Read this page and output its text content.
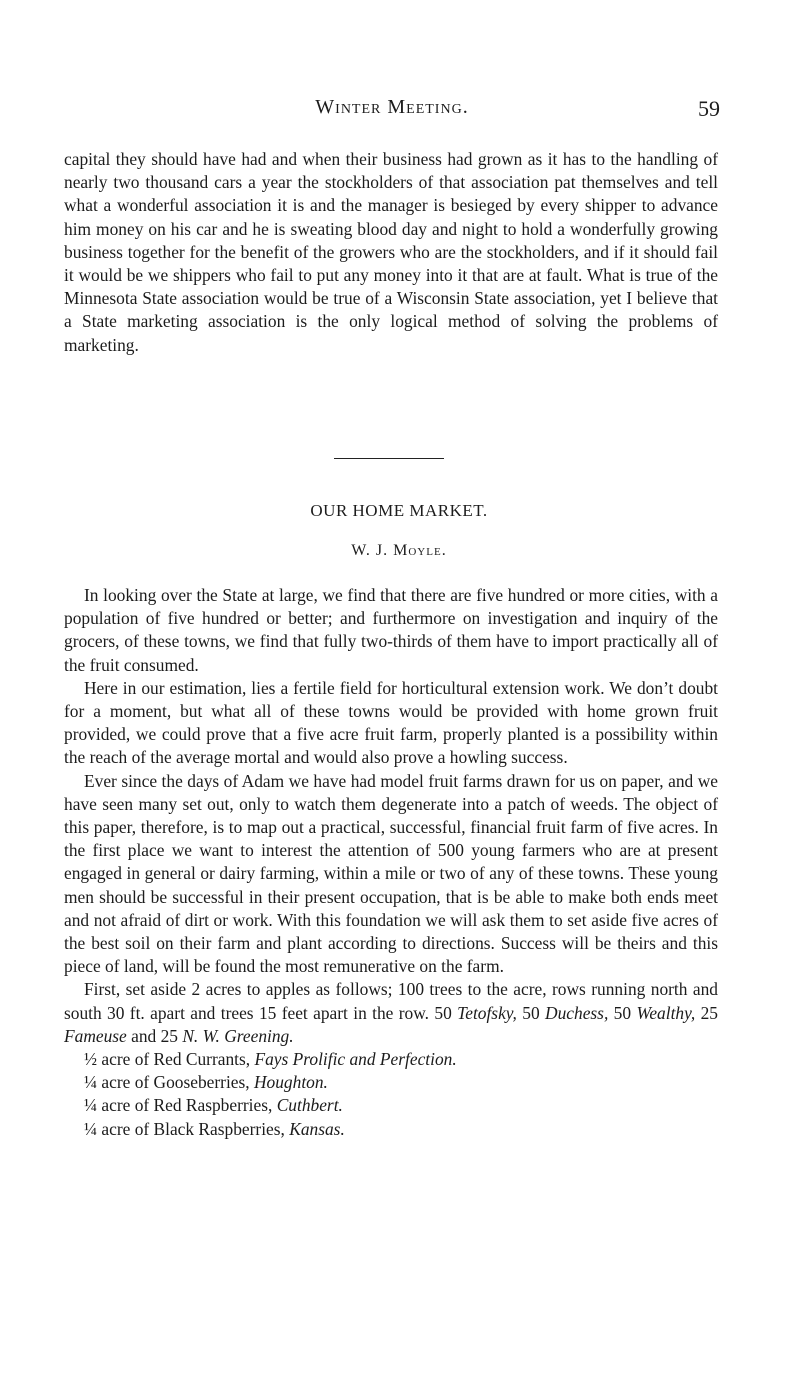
Winter Meeting.	59

capital they should have had and when their business had grown as it has to the handling of nearly two thousand cars a year the stockholders of that association pat themselves and tell what a wonderful association it is and the manager is besieged by every shipper to advance him money on his car and he is sweating blood day and night to hold a wonderfully growing business together for the benefit of the growers who are the stockholders, and if it should fail it would be we shippers who fail to put any money into it that are at fault. What is true of the Minnesota State association would be true of a Wisconsin State association, yet I believe that a State marketing association is the only logical method of solving the problems of marketing.

OUR HOME MARKET.
W. J. Moyle.

In looking over the State at large, we find that there are five hundred or more cities, with a population of five hundred or better; and furthermore on investigation and inquiry of the grocers, of these towns, we find that fully two-thirds of them have to import practically all of the fruit consumed.

Here in our estimation, lies a fertile field for horticultural extension work. We don’t doubt for a moment, but what all of these towns would be provided with home grown fruit provided, we could prove that a five acre fruit farm, properly planted is a possibility within the reach of the average mortal and would also prove a howling success.

Ever since the days of Adam we have had model fruit farms drawn for us on paper, and we have seen many set out, only to watch them degenerate into a patch of weeds. The object of this paper, therefore, is to map out a practical, successful, financial fruit farm of five acres. In the first place we want to interest the attention of 500 young farmers who are at present engaged in general or dairy farming, within a mile or two of any of these towns. These young men should be successful in their present occupation, that is be able to make both ends meet and not afraid of dirt or work. With this foundation we will ask them to set aside five acres of the best soil on their farm and plant according to directions. Success will be theirs and this piece of land, will be found the most remunerative on the farm.

First, set aside 2 acres to apples as follows; 100 trees to the acre, rows running north and south 30 ft. apart and trees 15 feet apart in the row. 50 Tetofsky, 50 Duchess, 50 Wealthy, 25 Fameuse and 25 N. W. Greening.

½ acre of Red Currants, Fays Prolific and Perfection.

¼ acre of Gooseberries, Houghton.

¼ acre of Red Raspberries, Cuthbert.

¼ acre of Black Raspberries, Kansas.
